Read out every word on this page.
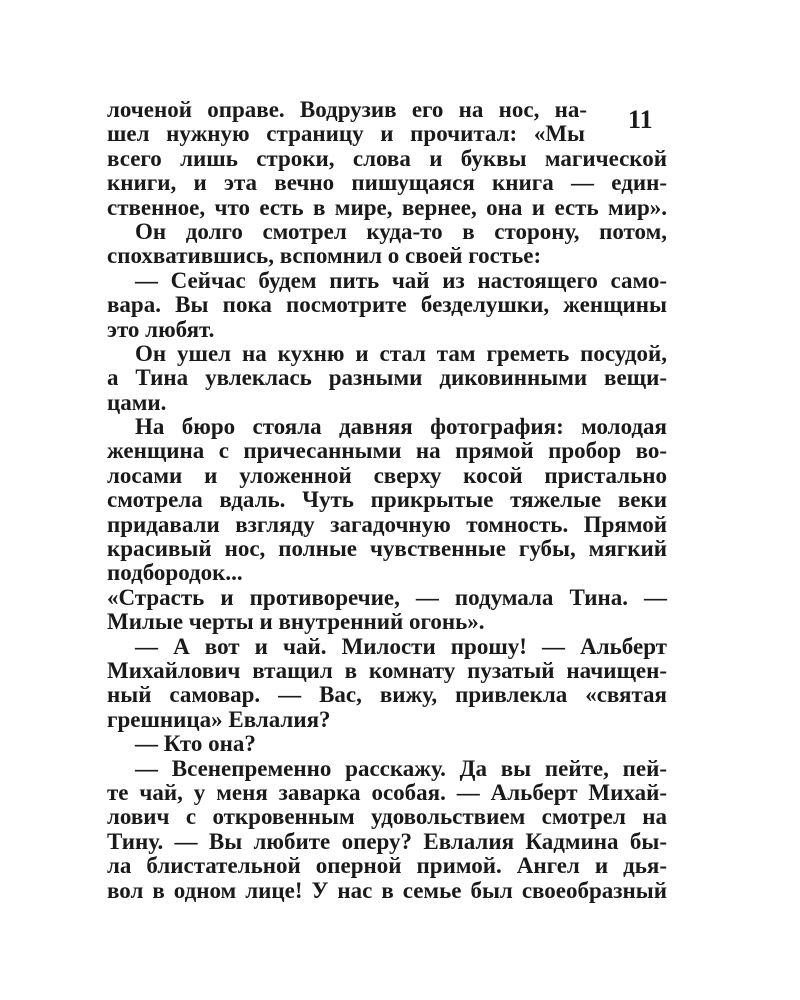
11
лоченой оправе. Водрузив его на нос, на-
шел нужную страницу и прочитал: «Мы
всего лишь строки, слова и буквы магической
книги, и эта вечно пишущаяся книга — един-
ственное, что есть в мире, вернее, она и есть мир».
Он долго смотрел куда-то в сторону, потом,
спохватившись, вспомнил о своей гостье:
— Сейчас будем пить чай из настоящего само-
вара. Вы пока посмотрите безделушки, женщины
это любят.
Он ушел на кухню и стал там греметь посудой,
а Тина увлеклась разными диковинными вещи-
цами.
На бюро стояла давняя фотография: молодая
женщина с причесанными на прямой пробор во-
лосами и уложенной сверху косой пристально
смотрела вдаль. Чуть прикрытые тяжелые веки
придавали взгляду загадочную томность. Прямой
красивый нос, полные чувственные губы, мягкий
подбородок...
«Страсть и противоречие, — подумала Тина. —
Милые черты и внутренний огонь».
— А вот и чай. Милости прошу! — Альберт
Михайлович втащил в комнату пузатый начищен-
ный самовар. — Вас, вижу, привлекла «святая
грешница» Евлалия?
— Кто она?
— Всенепременно расскажу. Да вы пейте, пей-
те чай, у меня заварка особая. — Альберт Михай-
лович с откровенным удовольствием смотрел на
Тину. — Вы любите оперу? Евлалия Кадмина бы-
ла блистательной оперной примой. Ангел и дья-
вол в одном лице! У нас в семье был своеобразный
